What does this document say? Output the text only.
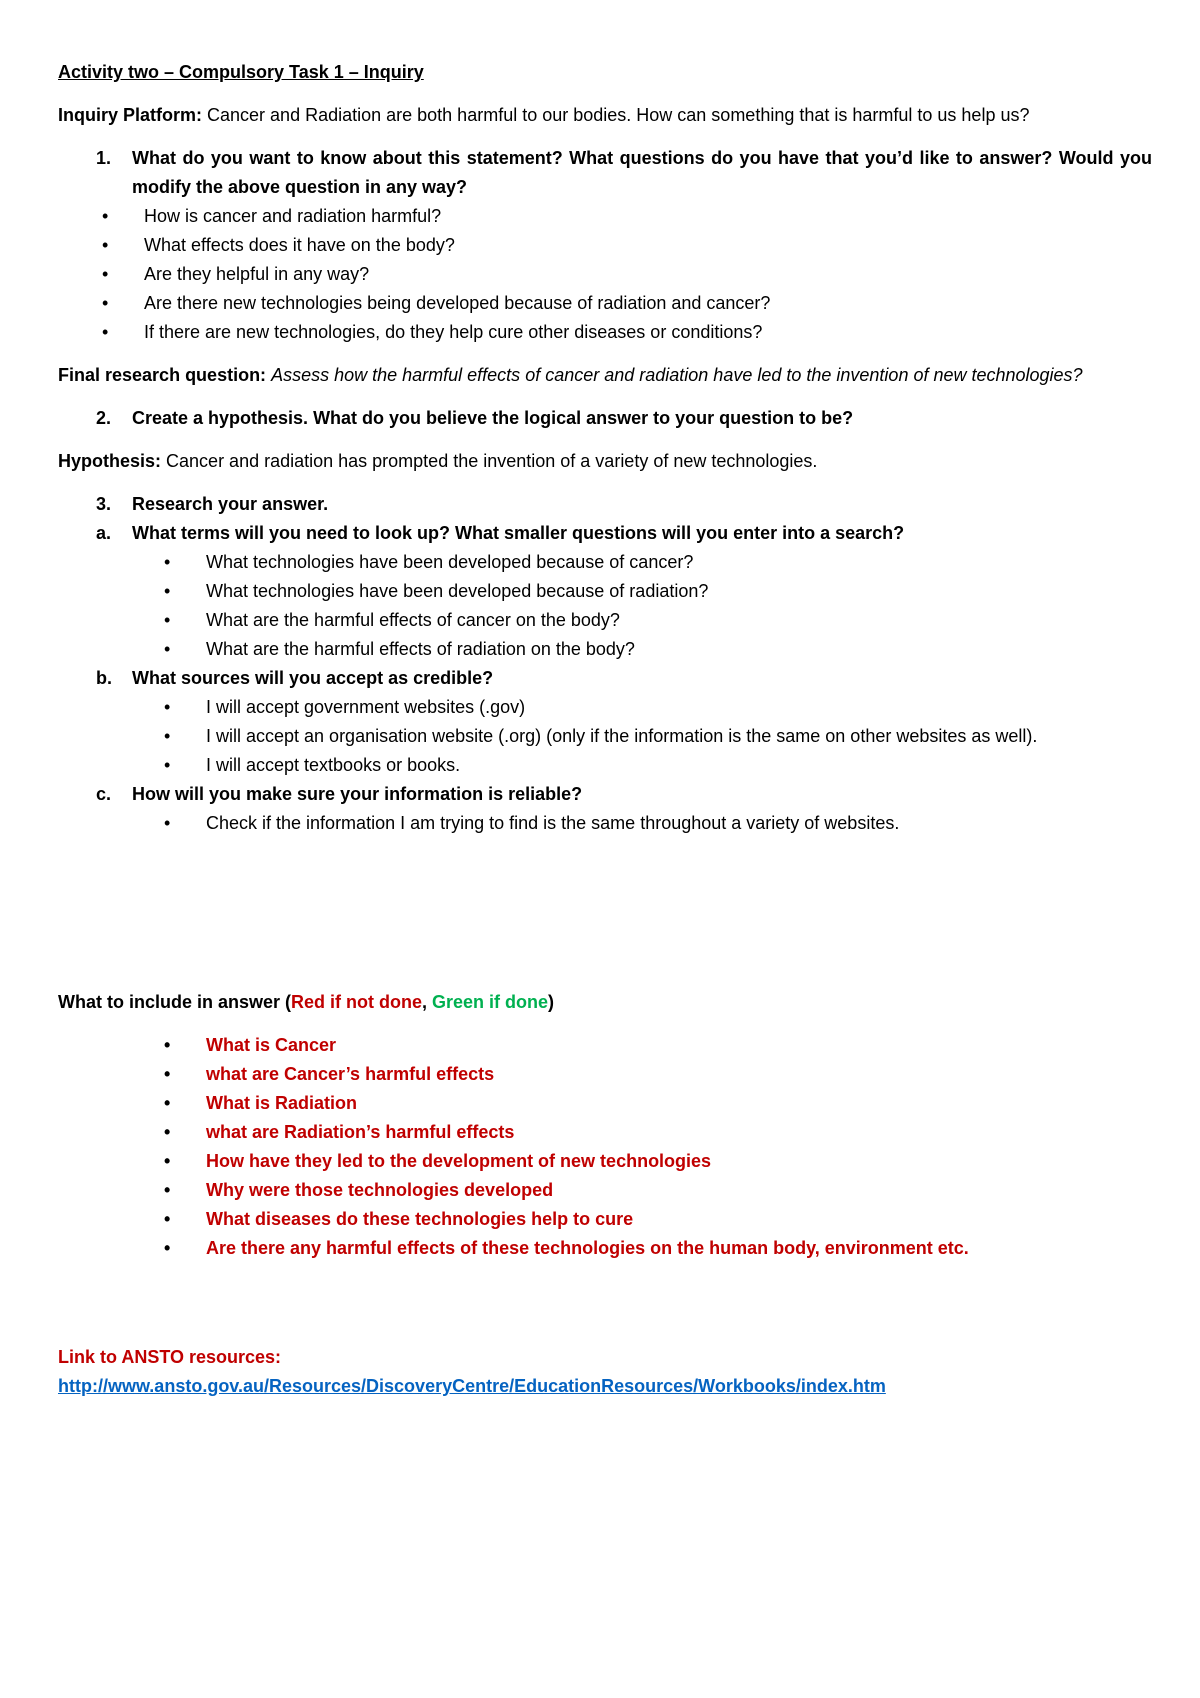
Activity two – Compulsory Task 1 – Inquiry

Inquiry Platform: Cancer and Radiation are both harmful to our bodies. How can something that is harmful to us help us?

1.	What do you want to know about this statement? What questions do you have that you’d like to answer? Would you modify the above question in any way?
•	How is cancer and radiation harmful?
•	What effects does it have on the body?
•	Are they helpful in any way?
•	Are there new technologies being developed because of radiation and cancer?
•	If there are new technologies, do they help cure other diseases or conditions?

Final research question: Assess how the harmful effects of cancer and radiation have led to the invention of new technologies?

2.	Create a hypothesis. What do you believe the logical answer to your question to be?

Hypothesis: Cancer and radiation has prompted the invention of a variety of new technologies.

3.	Research your answer.
a.	What terms will you need to look up? What smaller questions will you enter into a search?
•	What technologies have been developed because of cancer?
•	What technologies have been developed because of radiation?
•	What are the harmful effects of cancer on the body?
•	What are the harmful effects of radiation on the body?
b.	What sources will you accept as credible?
•	I will accept government websites (.gov)
•	I will accept an organisation website (.org) (only if the information is the same on other websites as well).
•	I will accept textbooks or books.
c.	How will you make sure your information is reliable?
•	Check if the information I am trying to find is the same throughout a variety of websites.

What to include in answer (Red if not done, Green if done)

•	What is Cancer
•	what are Cancer’s harmful effects
•	What is Radiation
•	what are Radiation’s harmful effects
•	How have they led to the development of new technologies
•	Why were those technologies developed
•	What diseases do these technologies help to cure
•	Are there any harmful effects of these technologies on the human body, environment etc.

Link to ANSTO resources:

http://www.ansto.gov.au/Resources/DiscoveryCentre/EducationResources/Workbooks/index.htm
